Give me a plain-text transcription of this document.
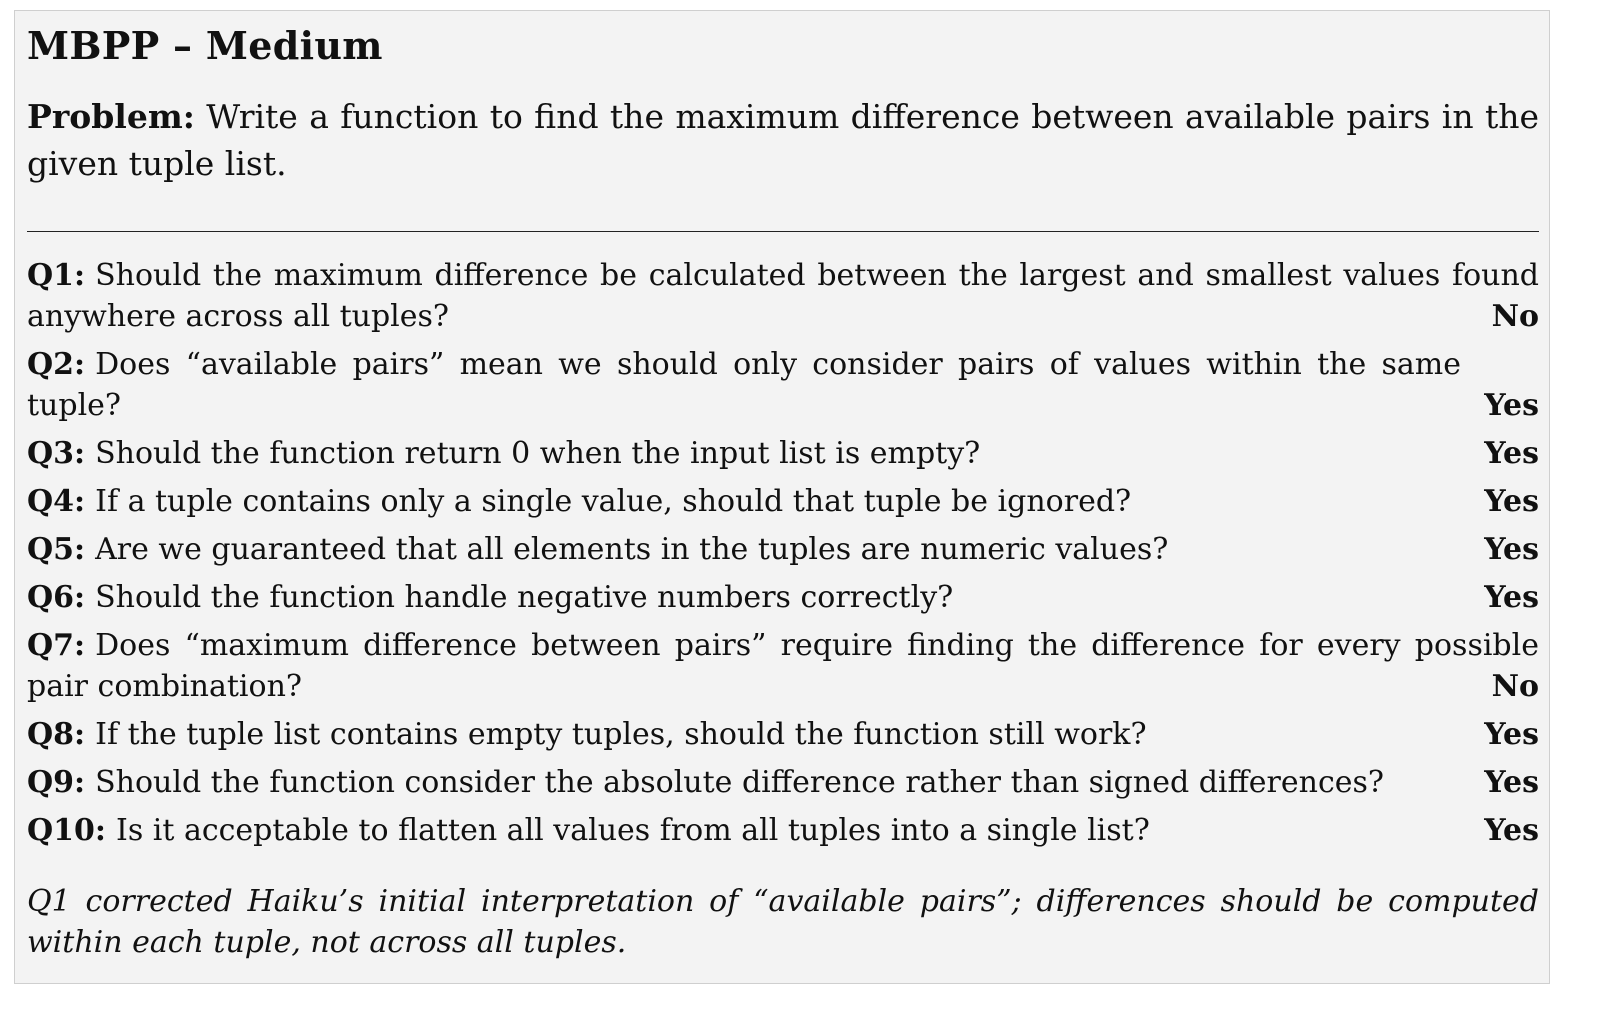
MBPP – Medium

Problem: Write a function to find the maximum difference between available pairs in the given tuple list.

Q1: Should the maximum difference be calculated between the largest and smallest values found anywhere across all tuples?	No
Q2: Does “available pairs” mean we should only consider pairs of values within the same tuple?	Yes
Q3: Should the function return 0 when the input list is empty?	Yes
Q4: If a tuple contains only a single value, should that tuple be ignored?	Yes
Q5: Are we guaranteed that all elements in the tuples are numeric values?	Yes
Q6: Should the function handle negative numbers correctly?	Yes
Q7: Does “maximum difference between pairs” require finding the difference for every possible pair combination?	No
Q8: If the tuple list contains empty tuples, should the function still work?	Yes
Q9: Should the function consider the absolute difference rather than signed differences?	Yes
Q10: Is it acceptable to flatten all values from all tuples into a single list?	Yes

Q1 corrected Haiku’s initial interpretation of “available pairs”; differences should be computed within each tuple, not across all tuples.
